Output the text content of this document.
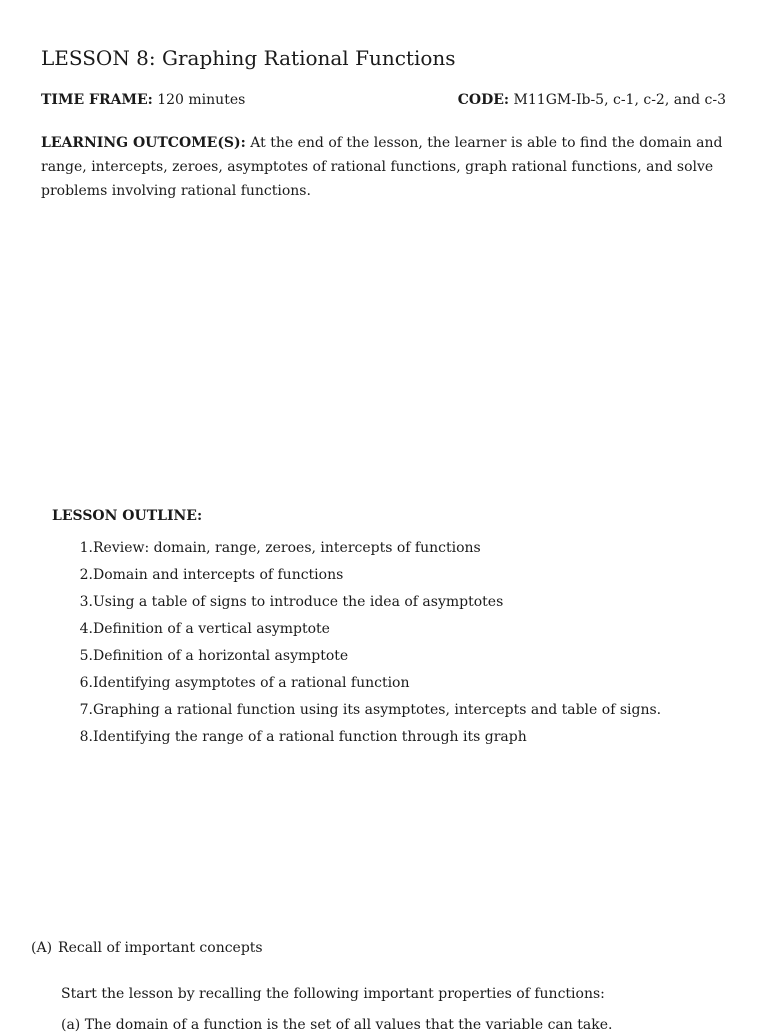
LESSON 8: Graphing Rational Functions
TIME FRAME: 120 minutes	CODE: M11GM-Ib-5, c-1, c-2, and c-3
LEARNING OUTCOME(S): At the end of the lesson, the learner is able to find the domain and range, intercepts, zeroes, asymptotes of rational functions, graph rational functions, and solve problems involving rational functions.
LESSON OUTLINE:
1. Review: domain, range, zeroes, intercepts of functions
2. Domain and intercepts of functions
3. Using a table of signs to introduce the idea of asymptotes
4. Definition of a vertical asymptote
5. Definition of a horizontal asymptote
6. Identifying asymptotes of a rational function
7. Graphing a rational function using its asymptotes, intercepts and table of signs.
8. Identifying the range of a rational function through its graph
(A) Recall of important concepts
Start the lesson by recalling the following important properties of functions:
(a) The domain of a function is the set of all values that the variable can take.
